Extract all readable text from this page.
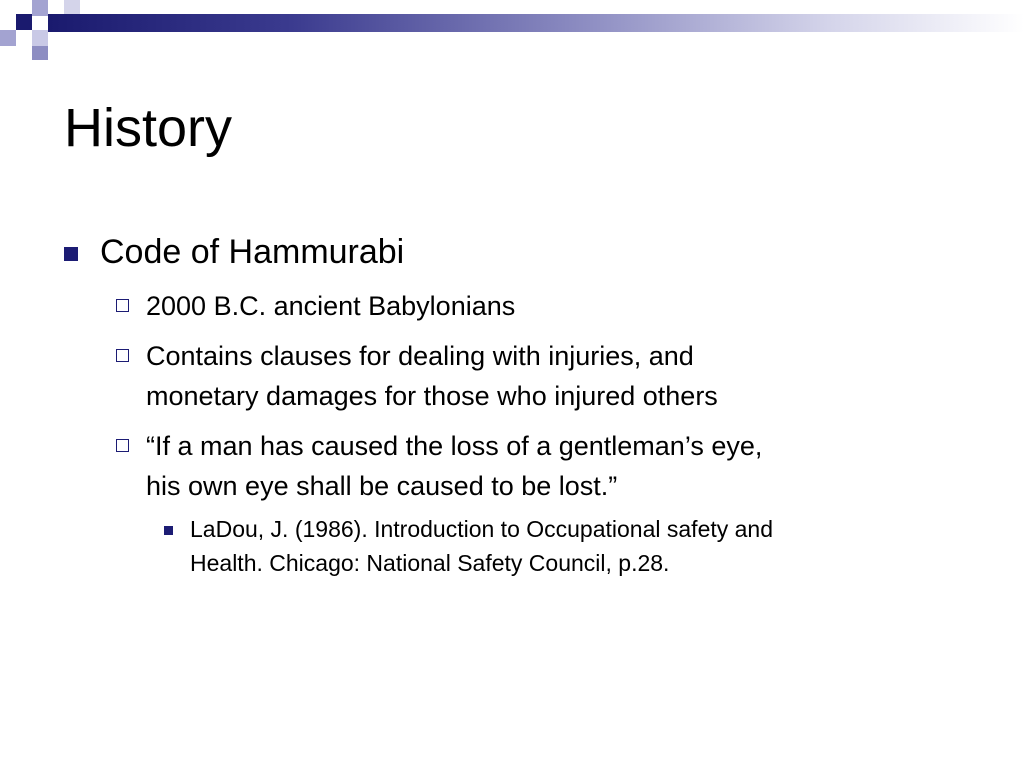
History
Code of Hammurabi
2000 B.C. ancient Babylonians
Contains clauses for dealing with injuries, and
monetary damages for those who injured others
“If a man has caused the loss of a gentleman’s eye,
his own eye shall be caused to be lost.”
LaDou, J. (1986). Introduction to Occupational safety and
Health. Chicago: National Safety Council, p.28.
